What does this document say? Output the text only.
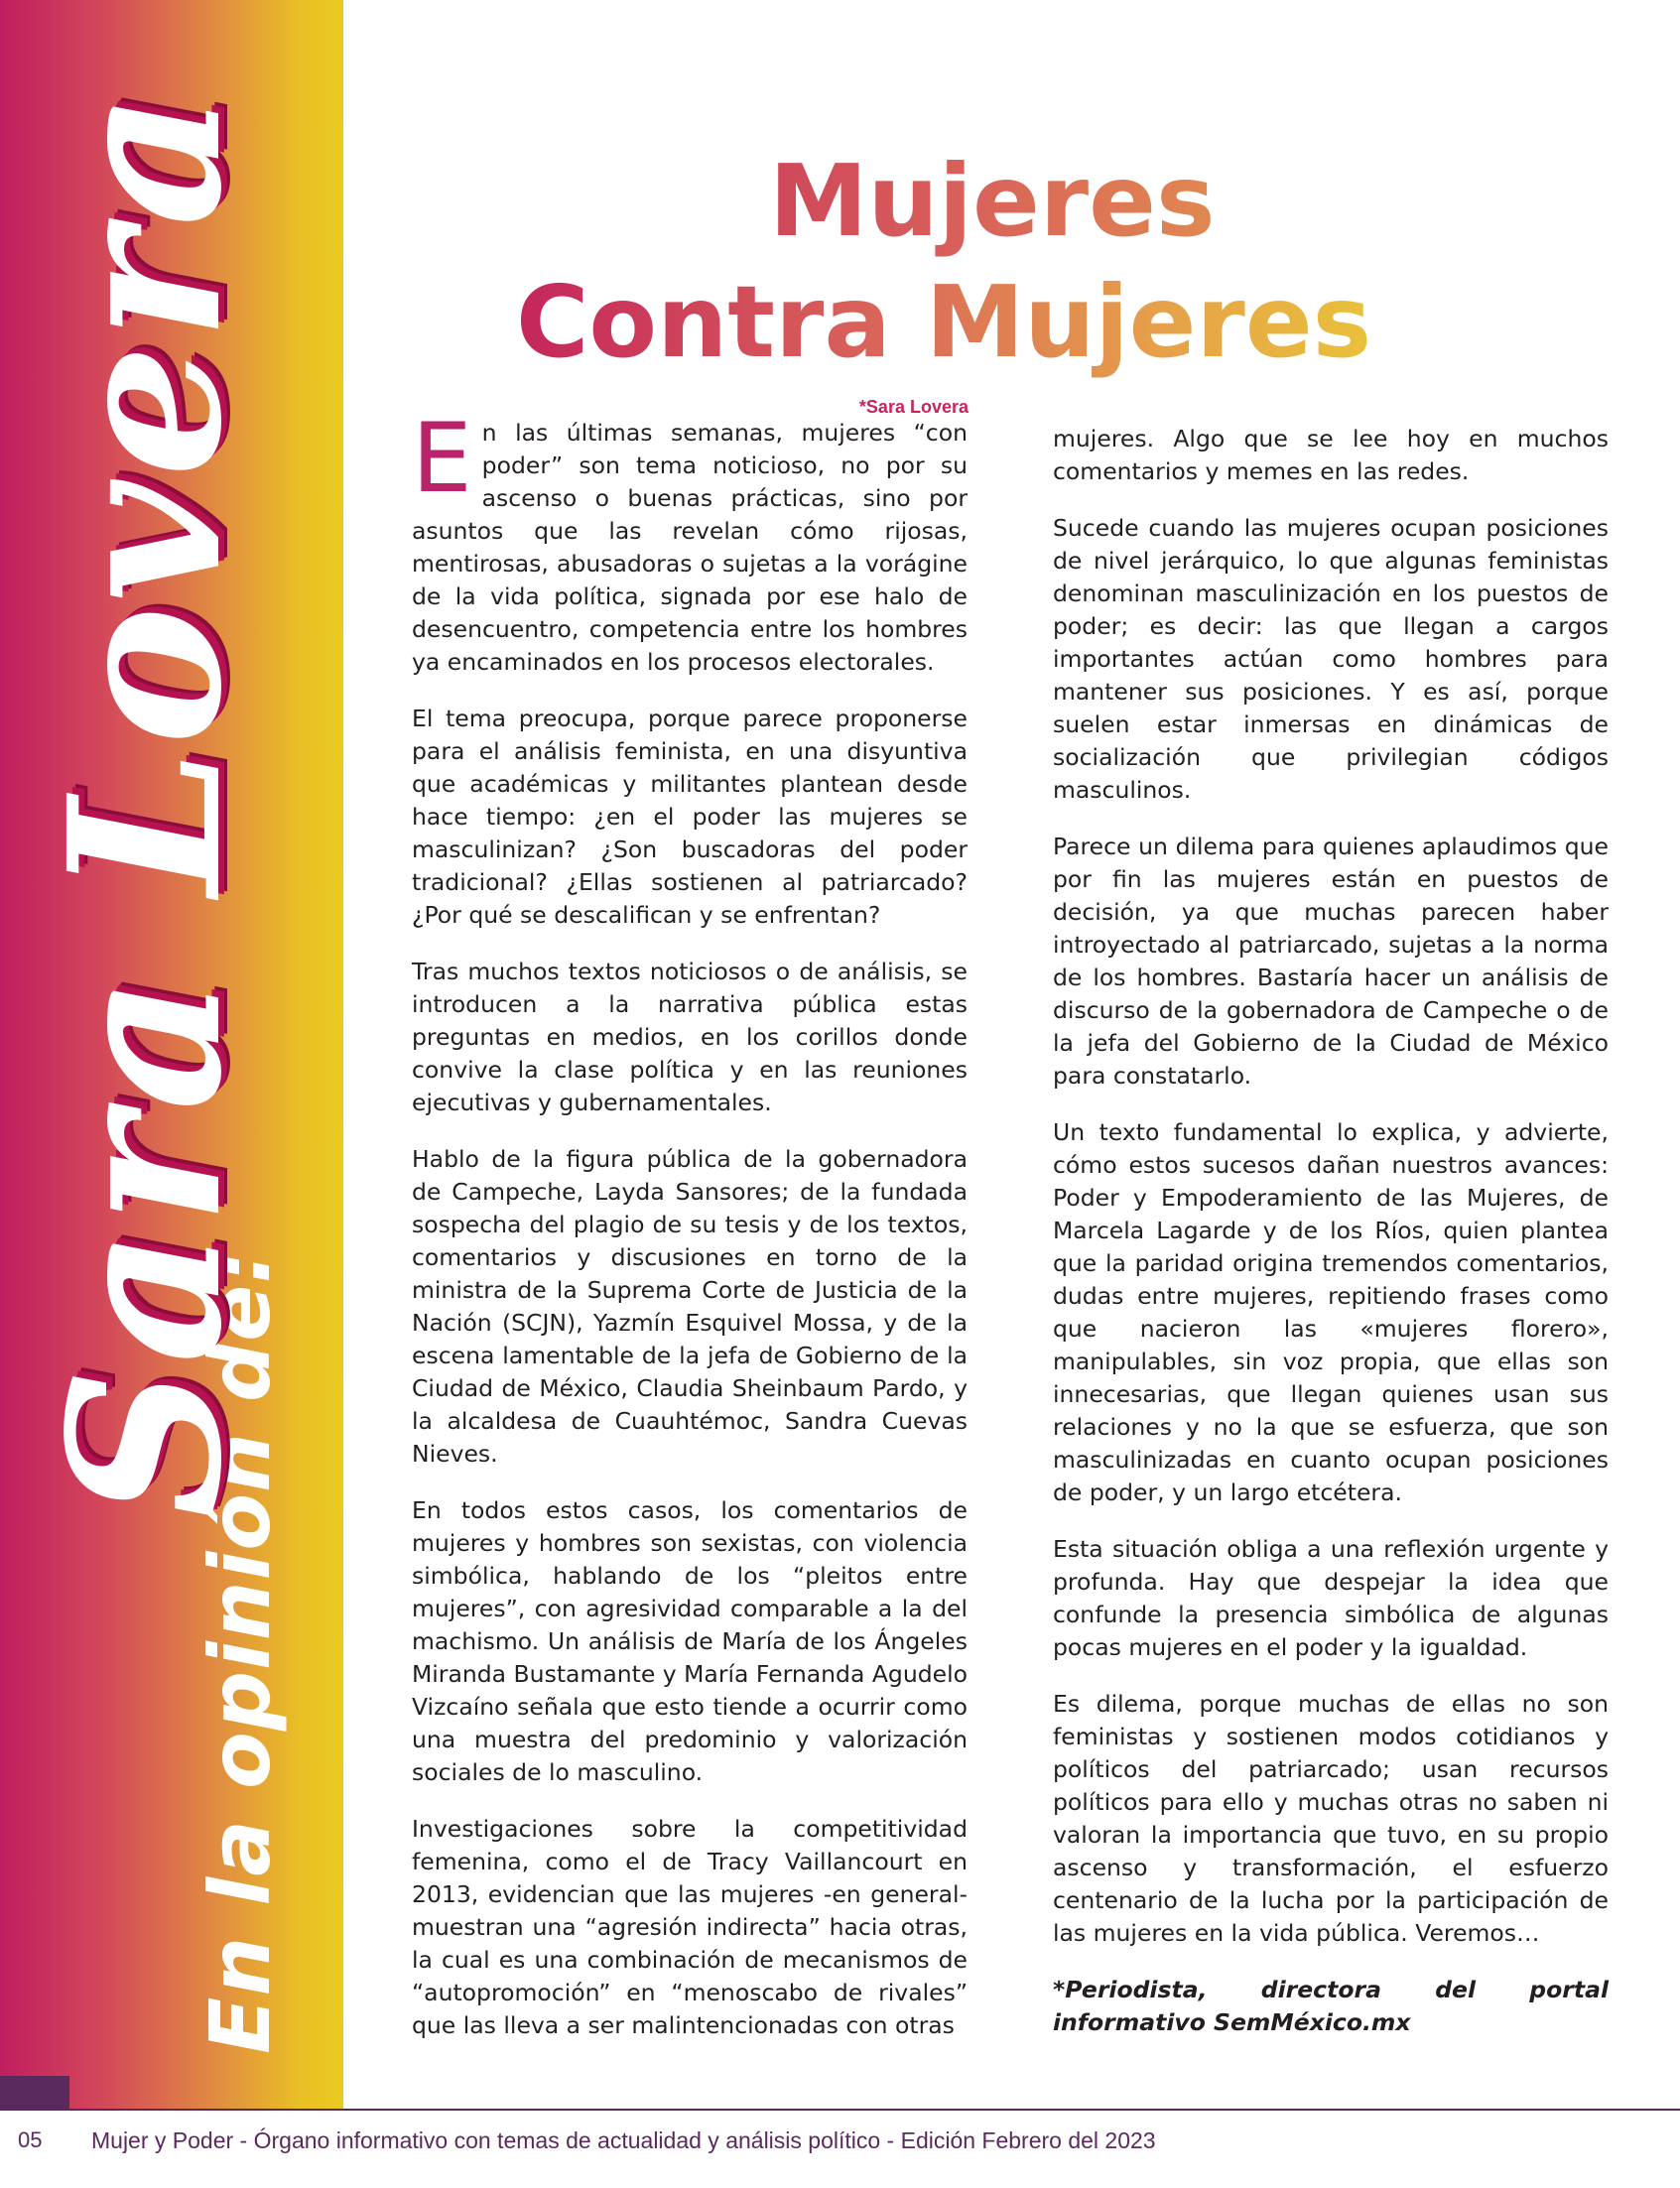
En la opinión de:
Sara Lovera	Mujeres
Contra Mujeres
*Sara Lovera

En las últimas semanas, mujeres “con poder” son tema noticioso, no por su ascenso o buenas prácticas, sino por asuntos que las revelan cómo rijosas, mentirosas, abusadoras o sujetas a la vorágine de la vida política, signada por ese halo de desencuentro, competencia entre los hombres ya encaminados en los procesos electorales.

El tema preocupa, porque parece proponerse para el análisis feminista, en una disyuntiva que académicas y militantes plantean desde hace tiempo: ¿en el poder las mujeres se masculinizan? ¿Son buscadoras del poder tradicional? ¿Ellas sostienen al patriarcado? ¿Por qué se descalifican y se enfrentan?

Tras muchos textos noticiosos o de análisis, se introducen a la narrativa pública estas preguntas en medios, en los corillos donde convive la clase política y en las reuniones ejecutivas y gubernamentales.

Hablo de la figura pública de la gobernadora de Campeche, Layda Sansores; de la fundada sospecha del plagio de su tesis y de los textos, comentarios y discusiones en torno de la ministra de la Suprema Corte de Justicia de la Nación (SCJN), Yazmín Esquivel Mossa, y de la escena lamentable de la jefa de Gobierno de la Ciudad de México, Claudia Sheinbaum Pardo, y la alcaldesa de Cuauhtémoc, Sandra Cuevas Nieves.

En todos estos casos, los comentarios de mujeres y hombres son sexistas, con violencia simbólica, hablando de los “pleitos entre mujeres”, con agresividad comparable a la del machismo. Un análisis de María de los Ángeles Miranda Bustamante y María Fernanda Agudelo Vizcaíno señala que esto tiende a ocurrir como una muestra del predominio y valorización sociales de lo masculino.

Investigaciones sobre la competitividad femenina, como el de Tracy Vaillancourt en 2013, evidencian que las mujeres -en general- muestran una “agresión indirecta” hacia otras, la cual es una combinación de mecanismos de “autopromoción” en “menoscabo de rivales” que las lleva a ser malintencionadas con otras

mujeres. Algo que se lee hoy en muchos comentarios y memes en las redes.

Sucede cuando las mujeres ocupan posiciones de nivel jerárquico, lo que algunas feministas denominan masculinización en los puestos de poder; es decir: las que llegan a cargos importantes actúan como hombres para mantener sus posiciones. Y es así, porque suelen estar inmersas en dinámicas de socialización que privilegian códigos masculinos.

Parece un dilema para quienes aplaudimos que por fin las mujeres están en puestos de decisión, ya que muchas parecen haber introyectado al patriarcado, sujetas a la norma de los hombres. Bastaría hacer un análisis de discurso de la gobernadora de Campeche o de la jefa del Gobierno de la Ciudad de México para constatarlo.

Un texto fundamental lo explica, y advierte, cómo estos sucesos dañan nuestros avances: Poder y Empoderamiento de las Mujeres, de Marcela Lagarde y de los Ríos, quien plantea que la paridad origina tremendos comentarios, dudas entre mujeres, repitiendo frases como que nacieron las «mujeres florero», manipulables, sin voz propia, que ellas son innecesarias, que llegan quienes usan sus relaciones y no la que se esfuerza, que son masculinizadas en cuanto ocupan posiciones de poder, y un largo etcétera.

Esta situación obliga a una reflexión urgente y profunda. Hay que despejar la idea que confunde la presencia simbólica de algunas pocas mujeres en el poder y la igualdad.

Es dilema, porque muchas de ellas no son feministas y sostienen modos cotidianos y políticos del patriarcado; usan recursos políticos para ello y muchas otras no saben ni valoran la importancia que tuvo, en su propio ascenso y transformación, el esfuerzo centenario de la lucha por la participación de las mujeres en la vida pública. Veremos…

*Periodista, directora del portal informativo SemMéxico.mx

05 Mujer y Poder - Órgano informativo con temas de actualidad y análisis político - Edición Febrero del 2023
